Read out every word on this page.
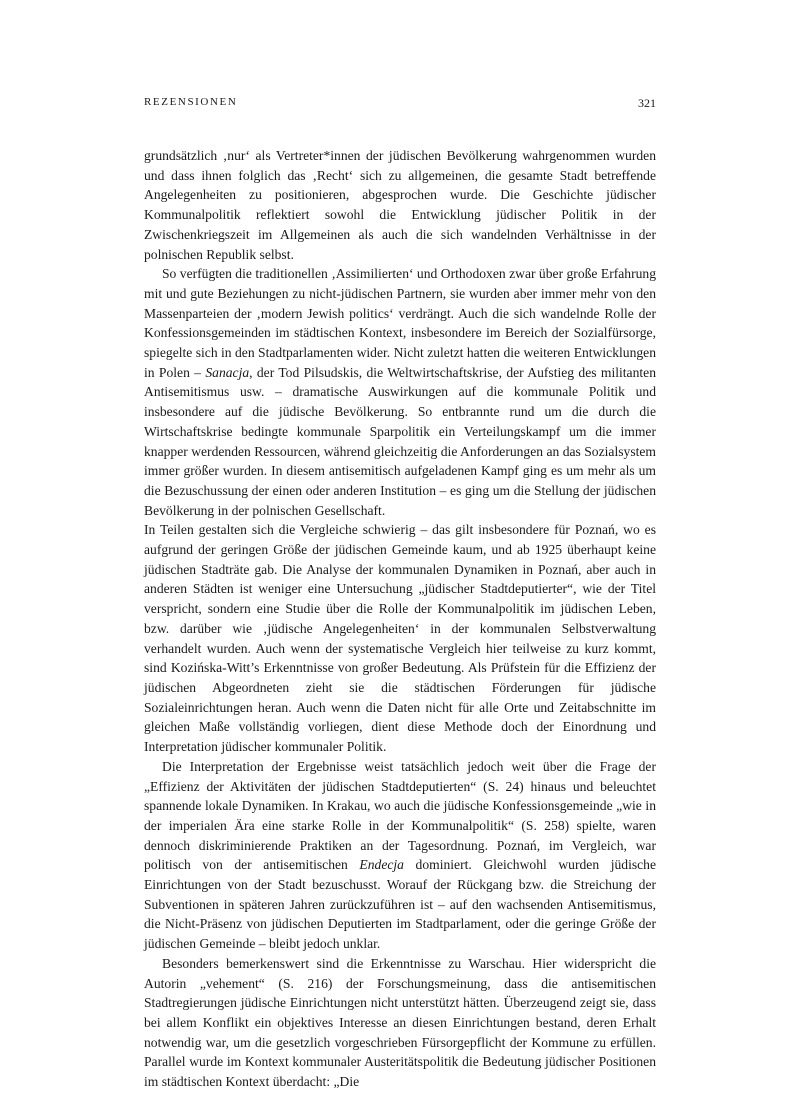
REZENSIONEN	321

grundsätzlich ‚nur‘ als Vertreter*innen der jüdischen Bevölkerung wahrgenommen wurden und dass ihnen folglich das ‚Recht‘ sich zu allgemeinen, die gesamte Stadt betreffende Angelegenheiten zu positionieren, abgesprochen wurde. Die Geschichte jüdischer Kommunalpolitik reflektiert sowohl die Entwicklung jüdischer Politik in der Zwischenkriegszeit im Allgemeinen als auch die sich wandelnden Verhältnisse in der polnischen Republik selbst.

So verfügten die traditionellen ‚Assimilierten‘ und Orthodoxen zwar über große Erfahrung mit und gute Beziehungen zu nicht-jüdischen Partnern, sie wurden aber immer mehr von den Massenparteien der ‚modern Jewish politics‘ verdrängt. Auch die sich wandelnde Rolle der Konfessionsgemeinden im städtischen Kontext, insbesondere im Bereich der Sozialfürsorge, spiegelte sich in den Stadtparlamenten wider. Nicht zuletzt hatten die weiteren Entwicklungen in Polen – Sanacja, der Tod Pilsudskis, die Weltwirtschaftskrise, der Aufstieg des militanten Antisemitismus usw. – dramatische Auswirkungen auf die kommunale Politik und insbesondere auf die jüdische Bevölkerung. So entbrannte rund um die durch die Wirtschaftskrise bedingte kommunale Sparpolitik ein Verteilungskampf um die immer knapper werdenden Ressourcen, während gleichzeitig die Anforderungen an das Sozialsystem immer größer wurden. In diesem antisemitisch aufgeladenen Kampf ging es um mehr als um die Bezuschussung der einen oder anderen Institution – es ging um die Stellung der jüdischen Bevölkerung in der polnischen Gesellschaft.

In Teilen gestalten sich die Vergleiche schwierig – das gilt insbesondere für Poznań, wo es aufgrund der geringen Größe der jüdischen Gemeinde kaum, und ab 1925 überhaupt keine jüdischen Stadträte gab. Die Analyse der kommunalen Dynamiken in Poznań, aber auch in anderen Städten ist weniger eine Untersuchung „jüdischer Stadtdeputierter“, wie der Titel verspricht, sondern eine Studie über die Rolle der Kommunalpolitik im jüdischen Leben, bzw. darüber wie ‚jüdische Angelegenheiten‘ in der kommunalen Selbstverwaltung verhandelt wurden. Auch wenn der systematische Vergleich hier teilweise zu kurz kommt, sind Kozińska-Witt’s Erkenntnisse von großer Bedeutung. Als Prüfstein für die Effizienz der jüdischen Abgeordneten zieht sie die städtischen Förderungen für jüdische Sozialeinrichtungen heran. Auch wenn die Daten nicht für alle Orte und Zeitabschnitte im gleichen Maße vollständig vorliegen, dient diese Methode doch der Einordnung und Interpretation jüdischer kommunaler Politik.

Die Interpretation der Ergebnisse weist tatsächlich jedoch weit über die Frage der „Effizienz der Aktivitäten der jüdischen Stadtdeputierten“ (S. 24) hinaus und beleuchtet spannende lokale Dynamiken. In Krakau, wo auch die jüdische Konfessionsgemeinde „wie in der imperialen Ära eine starke Rolle in der Kommunalpolitik“ (S. 258) spielte, waren dennoch diskriminierende Praktiken an der Tagesordnung. Poznań, im Vergleich, war politisch von der antisemitischen Endecja dominiert. Gleichwohl wurden jüdische Einrichtungen von der Stadt bezuschusst. Worauf der Rückgang bzw. die Streichung der Subventionen in späteren Jahren zurückzuführen ist – auf den wachsenden Antisemitismus, die Nicht-Präsenz von jüdischen Deputierten im Stadtparlament, oder die geringe Größe der jüdischen Gemeinde – bleibt jedoch unklar.

Besonders bemerkenswert sind die Erkenntnisse zu Warschau. Hier widerspricht die Autorin „vehement“ (S. 216) der Forschungsmeinung, dass die antisemitischen Stadtregierungen jüdische Einrichtungen nicht unterstützt hätten. Überzeugend zeigt sie, dass bei allem Konflikt ein objektives Interesse an diesen Einrichtungen bestand, deren Erhalt notwendig war, um die gesetzlich vorgeschrieben Fürsorgepflicht der Kommune zu erfüllen. Parallel wurde im Kontext kommunaler Austeritätspolitik die Bedeutung jüdischer Positionen im städtischen Kontext überdacht: „Die
